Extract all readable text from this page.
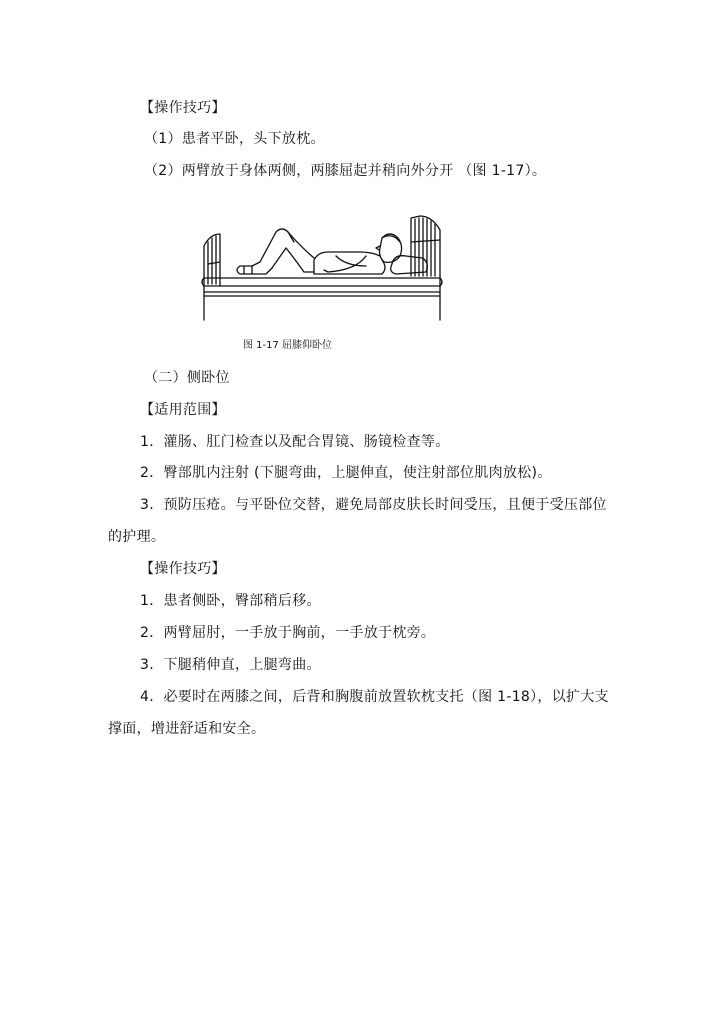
【操作技巧】
（1）患者平卧，头下放枕。
（2）两臂放于身体两侧，两膝屈起并稍向外分开 （图 1-17）。
图 1-17 屈膝仰卧位
（二）侧卧位
【适用范围】
1．灌肠、肛门检查以及配合胃镜、肠镜检查等。
2．臀部肌内注射 (下腿弯曲，上腿伸直，使注射部位肌肉放松)。
3．预防压疮。与平卧位交替，避免局部皮肤长时间受压，且便于受压部位
的护理。
【操作技巧】
1．患者侧卧，臀部稍后移。
2．两臂屈肘，一手放于胸前，一手放于枕旁。
3．下腿稍伸直，上腿弯曲。
4．必要时在两膝之间，后背和胸腹前放置软枕支托（图 1-18），以扩大支
撑面，增进舒适和安全。
